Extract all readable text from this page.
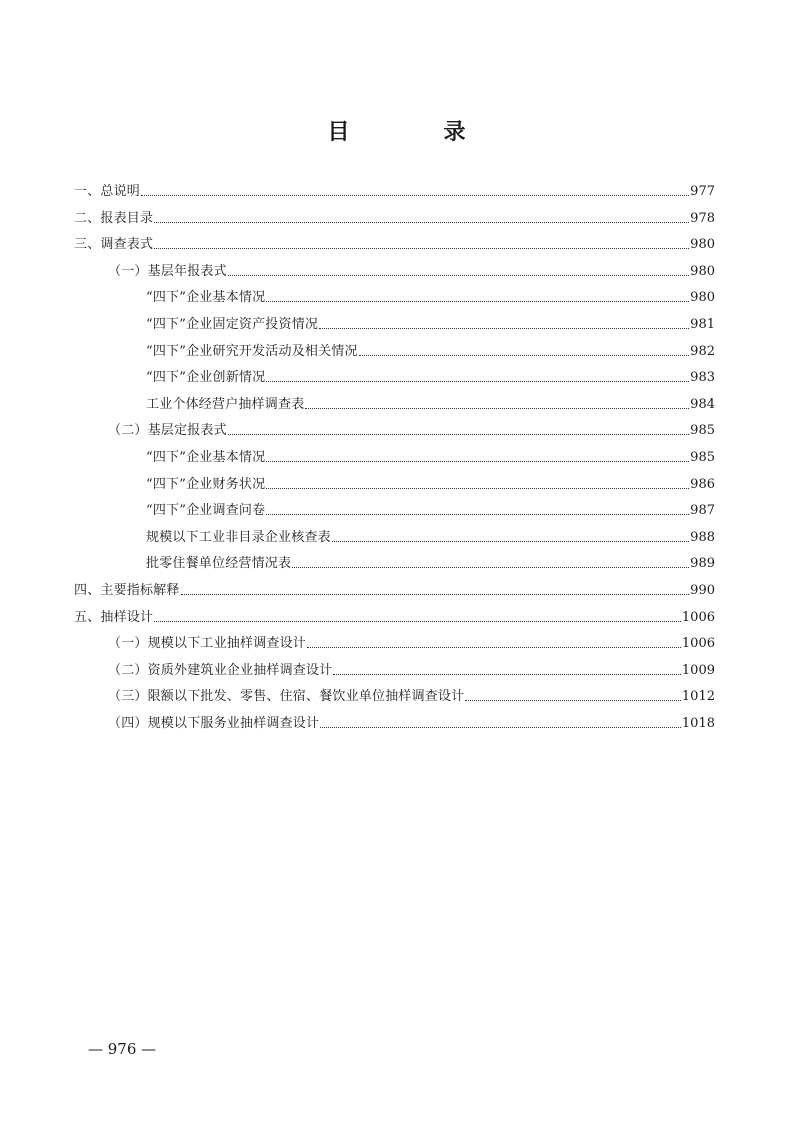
目　录
一、总说明	977
二、报表目录	978
三、调查表式	980
（一）基层年报表式	980
“四下”企业基本情况	980
“四下”企业固定资产投资情况	981
“四下”企业研究开发活动及相关情况	982
“四下”企业创新情况	983
工业个体经营户抽样调查表	984
（二）基层定报表式	985
“四下”企业基本情况	985
“四下”企业财务状况	986
“四下”企业调查问卷	987
规模以下工业非目录企业核查表	988
批零住餐单位经营情况表	989
四、主要指标解释	990
五、抽样设计	1006
（一）规模以下工业抽样调查设计	1006
（二）资质外建筑业企业抽样调查设计	1009
（三）限额以下批发、零售、住宿、餐饮业单位抽样调查设计	1012
（四）规模以下服务业抽样调查设计	1018
— 976 —
